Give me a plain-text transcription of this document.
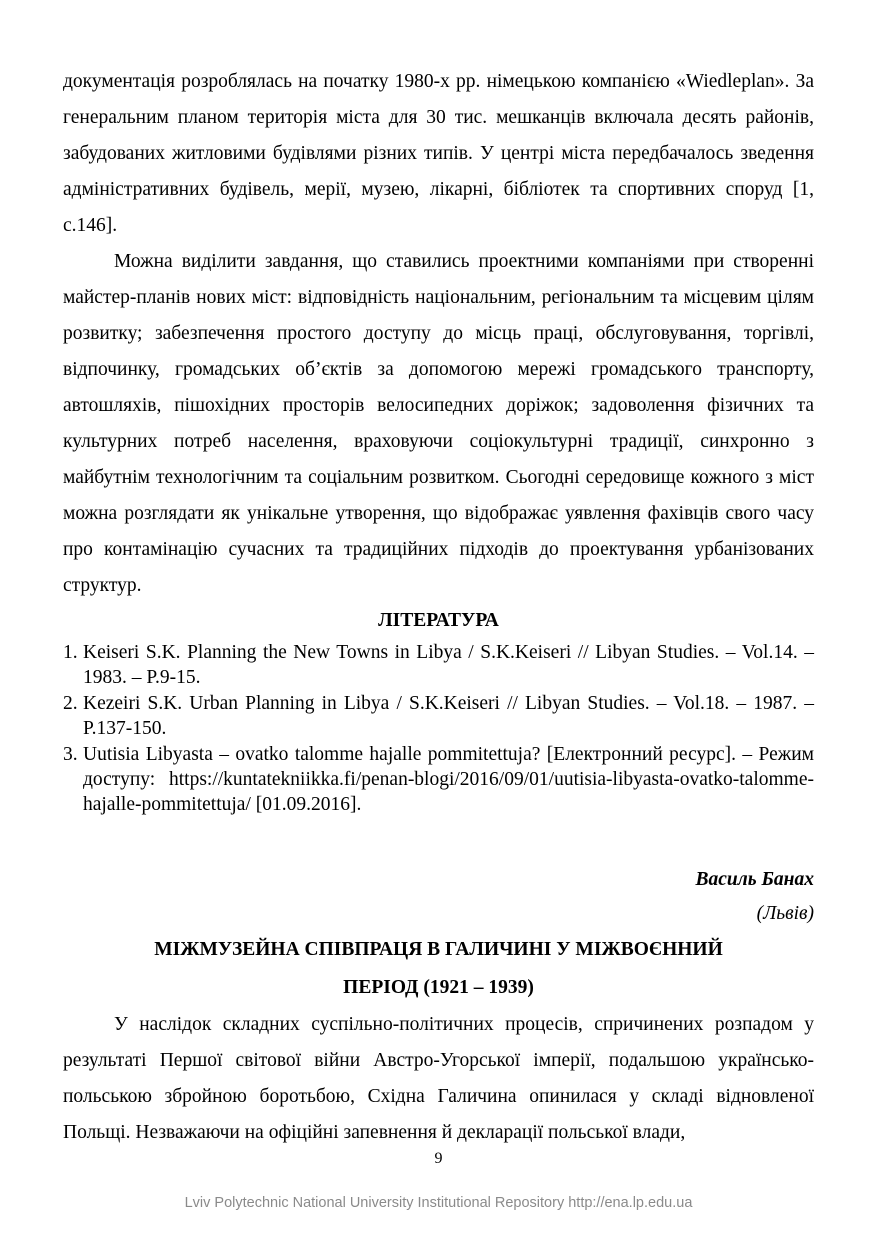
документація розроблялась на початку 1980-х рр. німецькою компанією «Wiedleplan». За генеральним планом територія міста для 30 тис. мешканців включала десять районів, забудованих житловими будівлями різних типів. У центрі міста передбачалось зведення адміністративних будівель, мерії, музею, лікарні, бібліотек та спортивних споруд [1, с.146].

Можна виділити завдання, що ставились проектними компаніями при створенні майстер-планів нових міст: відповідність національним, регіональним та місцевим цілям розвитку; забезпечення простого доступу до місць праці, обслуговування, торгівлі, відпочинку, громадських об’єктів за допомогою мережі громадського транспорту, автошляхів, пішохідних просторів велосипедних доріжок; задоволення фізичних та культурних потреб населення, враховуючи соціокультурні традиції, синхронно з майбутнім технологічним та соціальним розвитком. Сьогодні середовище кожного з міст можна розглядати як унікальне утворення, що відображає уявлення фахівців свого часу про контамінацію сучасних та традиційних підходів до проектування урбанізованих структур.

ЛІТЕРАТУРА

1. Keiseri S.K. Planning the New Towns in Libya / S.K.Keiseri // Libyan Studies. – Vol.14. – 1983. – P.9-15.
2. Kezeiri S.K. Urban Planning in Libya / S.K.Keiseri // Libyan Studies. – Vol.18. – 1987. – P.137-150.
3. Uutisia Libyasta – ovatko talomme hajalle pommitettuja? [Електронний ресурс]. – Режим доступу: https://kuntatekniikka.fi/penan-blogi/2016/09/01/uutisia-libyasta-ovatko-talomme-hajalle-pommitettuja/ [01.09.2016].

Василь Банах

(Львів)

МІЖМУЗЕЙНА СПІВПРАЦЯ В ГАЛИЧИНІ У МІЖВОЄННИЙ
ПЕРІОД (1921 – 1939)

У наслідок складних суспільно-політичних процесів, спричинених розпадом у результаті Першої світової війни Австро-Угорської імперії, подальшою українсько-польською збройною боротьбою, Східна Галичина опинилася у складі відновленої Польщі. Незважаючи на офіційні запевнення й декларації польської влади,

9
Lviv Polytechnic National University Institutional Repository http://ena.lp.edu.ua
